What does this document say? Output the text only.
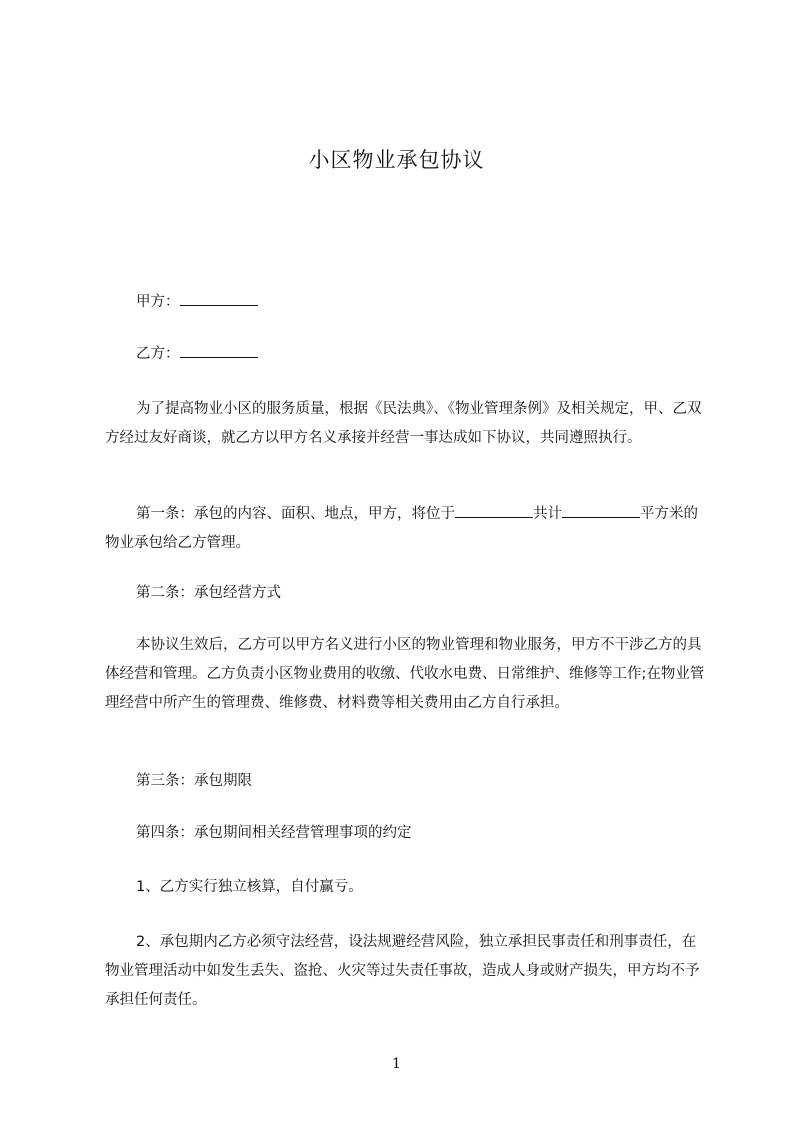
小区物业承包协议

甲方：

乙方：

为了提高物业小区的服务质量，根据《民法典》、《物业管理条例》及相关规定，甲、乙双方经过友好商谈，就乙方以甲方名义承接并经营一事达成如下协议，共同遵照执行。

第一条：承包的内容、面积、地点，甲方，将位于	共计	平方米的物业承包给乙方管理。

第二条：承包经营方式

本协议生效后，乙方可以甲方名义进行小区的物业管理和物业服务，甲方不干涉乙方的具体经营和管理。乙方负责小区物业费用的收缴、代收水电费、日常维护、维修等工作;在物业管理经营中所产生的管理费、维修费、材料费等相关费用由乙方自行承担。

第三条：承包期限

第四条：承包期间相关经营管理事项的约定

1、乙方实行独立核算，自付赢亏。

2、承包期内乙方必须守法经营，设法规避经营风险，独立承担民事责任和刑事责任，在物业管理活动中如发生丢失、盗抢、火灾等过失责任事故，造成人身或财产损失，甲方均不予承担任何责任。

1
